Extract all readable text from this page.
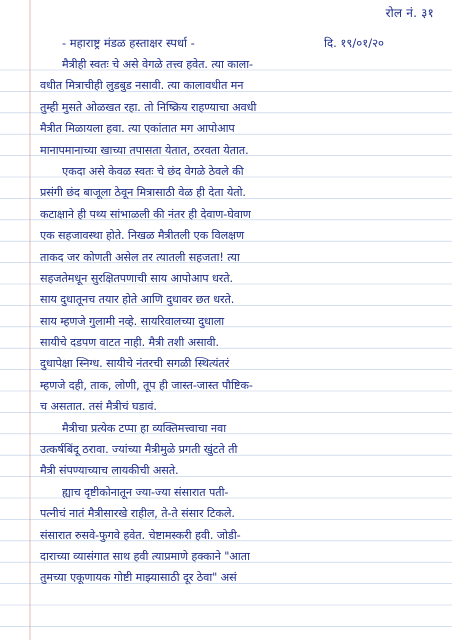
रोल नं. ३१
- महाराष्ट्र मंडळ हस्ताक्षर स्पर्धा -	दि. १९/०१/२०
मैत्रीही स्वतः चे असे वेगळे तत्त्व हवेत. त्या काला-
वधीत मित्राचीही लुडबुड नसावी. त्या कालावधीत मन
तुम्ही मुसते ओळखत रहा. तो निष्क्रिय राहण्याचा अवधी
मैत्रीत मिळायला हवा. त्या एकांतात मग आपोआप
मानापमानाच्या खाच्या तपासता येतात, ठरवता येतात.
एकदा असे केवळ स्वतः चे छंद वेगळे ठेवले की
प्रसंगी छंद बाजूला ठेवून मित्रासाठी वेळ ही देता येतो.
कटाक्षाने ही पथ्य सांभाळली की नंतर ही देवाण-घेवाण
एक सहजावस्था होते. निखळ मैत्रीतली एक विलक्षण
ताकद जर कोणती असेल तर त्यातली सहजता! त्या
सहजतेमधून सुरक्षितपणाची साय आपोआप धरते.
साय दुधातूनच तयार होते आणि दुधावर छत धरते.
साय म्हणजे गुलामी नव्हे. सायरिवालच्या दुधाला
सायीचे दडपण वाटत नाही. मैत्री तशी असावी.
दुधापेक्षा स्निग्ध. सायीचे नंतरची सगळी स्थित्यंतरं
म्हणजे दही, ताक, लोणी, तूप ही जास्त-जास्त पौष्टिक-
च असतात. तसं मैत्रीचं घडावं.
मैत्रीचा प्रत्येक टप्पा हा व्यक्तिमत्त्वाचा नवा
उत्कर्षबिंदू ठरावा. ज्यांच्या मैत्रीमुळे प्रगती खुंटते ती
मैत्री संपण्याच्याच लायकीची असते.
ह्याच दृष्टीकोनातून ज्या-ज्या संसारात पती-
पत्नीचं नातं मैत्रीसारखे राहील, ते-ते संसार टिकले.
संसारात रुसवे-फुगवे हवेत. चेष्टामस्करी हवी. जोडी-
दाराच्या व्यासंगात साथ हवी त्याप्रमाणे हक्काने "आता
तुमच्या एकूणायक गोष्टी माझ्यासाठी दूर ठेवा" असं
